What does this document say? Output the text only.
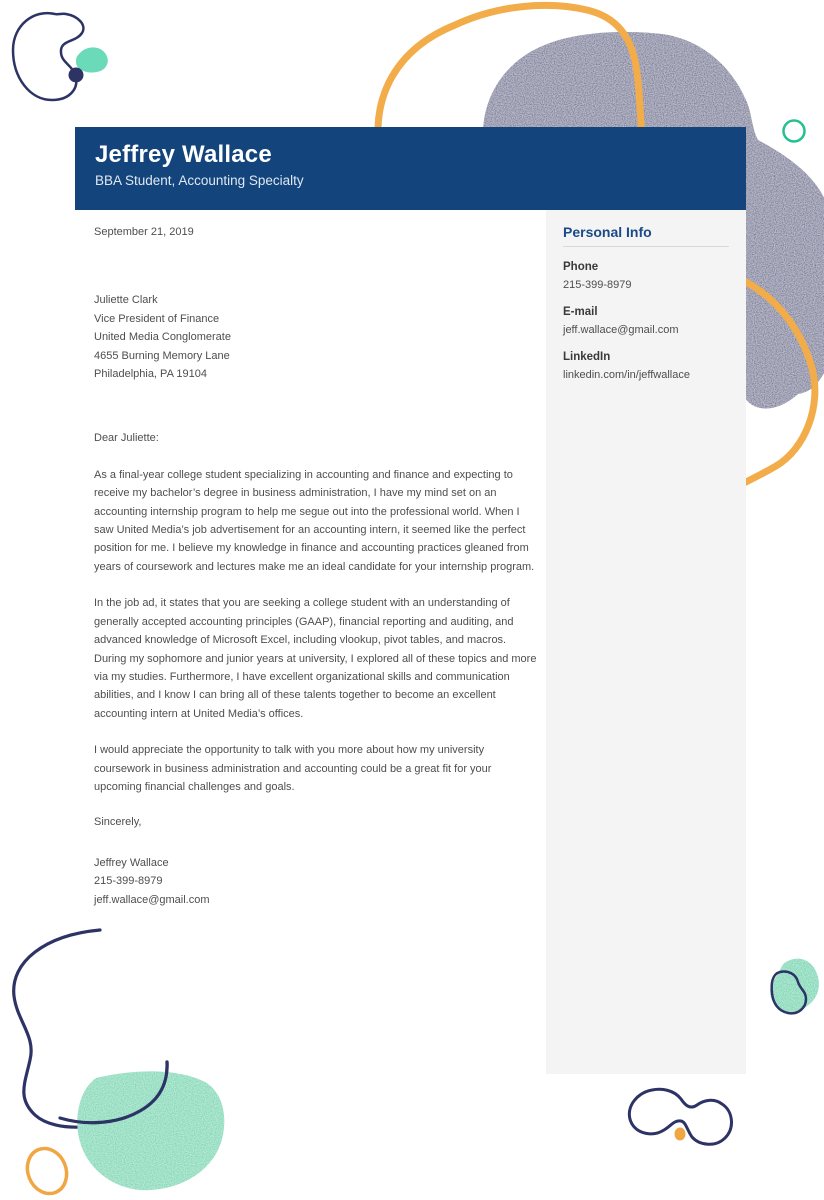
Jeffrey Wallace
BBA Student, Accounting Specialty
September 21, 2019
Juliette Clark
Vice President of Finance
United Media Conglomerate
4655 Burning Memory Lane
Philadelphia, PA 19104
Dear Juliette:
As a final-year college student specializing in accounting and finance and expecting to receive my bachelor’s degree in business administration, I have my mind set on an accounting internship program to help me segue out into the professional world. When I saw United Media’s job advertisement for an accounting intern, it seemed like the perfect position for me. I believe my knowledge in finance and accounting practices gleaned from years of coursework and lectures make me an ideal candidate for your internship program.
In the job ad, it states that you are seeking a college student with an understanding of generally accepted accounting principles (GAAP), financial reporting and auditing, and advanced knowledge of Microsoft Excel, including vlookup, pivot tables, and macros. During my sophomore and junior years at university, I explored all of these topics and more via my studies. Furthermore, I have excellent organizational skills and communication abilities, and I know I can bring all of these talents together to become an excellent accounting intern at United Media’s offices.
I would appreciate the opportunity to talk with you more about how my university coursework in business administration and accounting could be a great fit for your upcoming financial challenges and goals.
Sincerely,
Jeffrey Wallace
215-399-8979
jeff.wallace@gmail.com
Personal Info
Phone
215-399-8979
E-mail
jeff.wallace@gmail.com
LinkedIn
linkedin.com/in/jeffwallace
